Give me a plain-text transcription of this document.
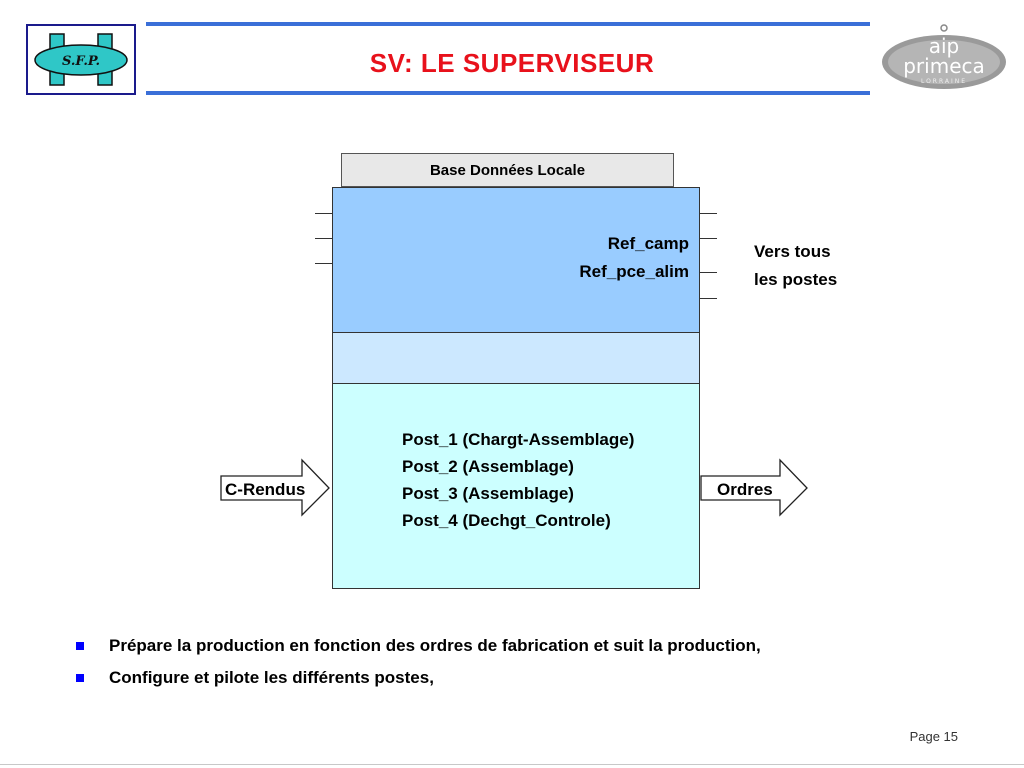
S.F.P.	SV: LE SUPERVISEUR
aip
primeca
LORRAINE
Base Données Locale
Ref_camp
Ref_pce_alim
Vers tous
les postes
Post_1 (Chargt-Assemblage)
Post_2 (Assemblage)
Post_3 (Assemblage)
Post_4 (Dechgt_Controle)
C-Rendus	Ordres
Prépare la production en fonction des ordres de fabrication et suit la production,
Configure et pilote les différents postes,
Page 15
